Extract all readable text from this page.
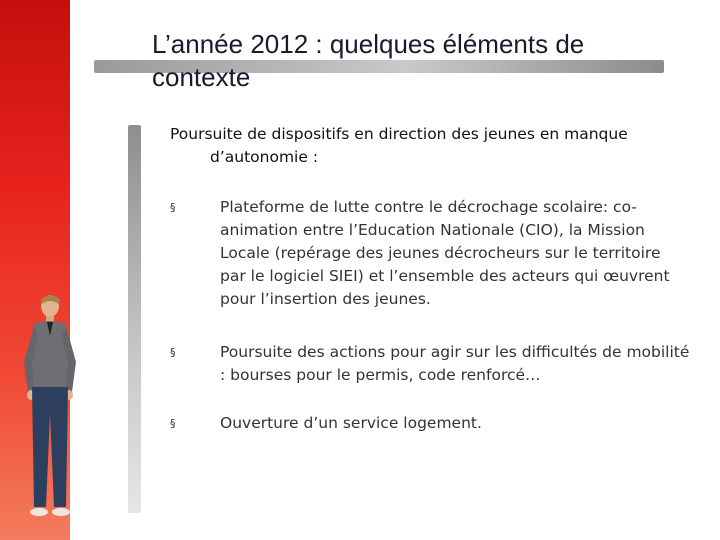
L’année 2012 : quelques éléments de contexte
Poursuite de dispositifs en direction des jeunes en manque
d’autonomie :
§	Plateforme de lutte contre le décrochage scolaire: co-animation entre l’Education Nationale (CIO), la Mission Locale (repérage des jeunes décrocheurs sur le territoire par le logiciel SIEI) et l’ensemble des acteurs qui œuvrent pour l’insertion des jeunes.
§	Poursuite des actions pour agir sur les difficultés de mobilité : bourses pour le permis, code renforcé…
§	Ouverture d’un service logement.
